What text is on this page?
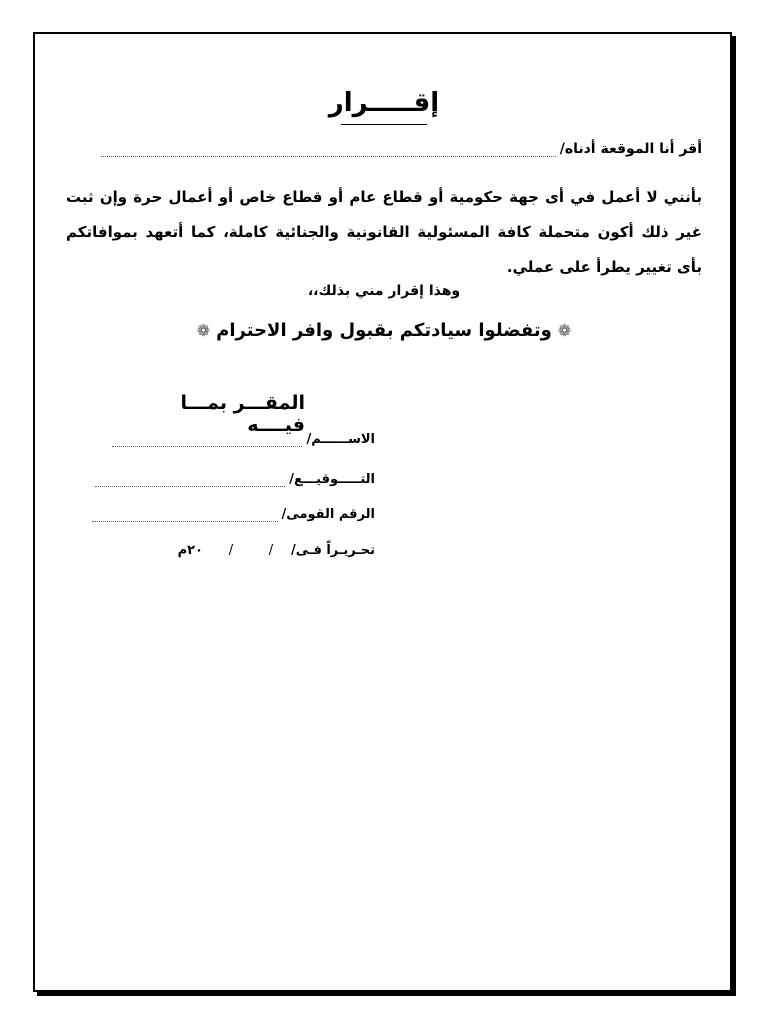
إقـــــرار
أقر أنا الموقعة أدناه/
بأنني لا أعمل في أى جهة حكومية أو قطاع عام أو قطاع خاص أو أعمال حرة وإن ثبت غير ذلك أكون متحملة كافة المسئولية القانونية والجنائية كاملة، كما أتعهد بموافاتكم بأى تغيير يطرأ على عملي.
وهذا إقرار مني بذلك،،
❁وتفضلوا سيادتكم بقبول وافر الاحترام❁
المقـــر بمـــا فيــــه
الاســــــم/
التـــــوقيـــع/
الرقم القومى/
تحـريـراً فـى/
/
/
٢٠م
